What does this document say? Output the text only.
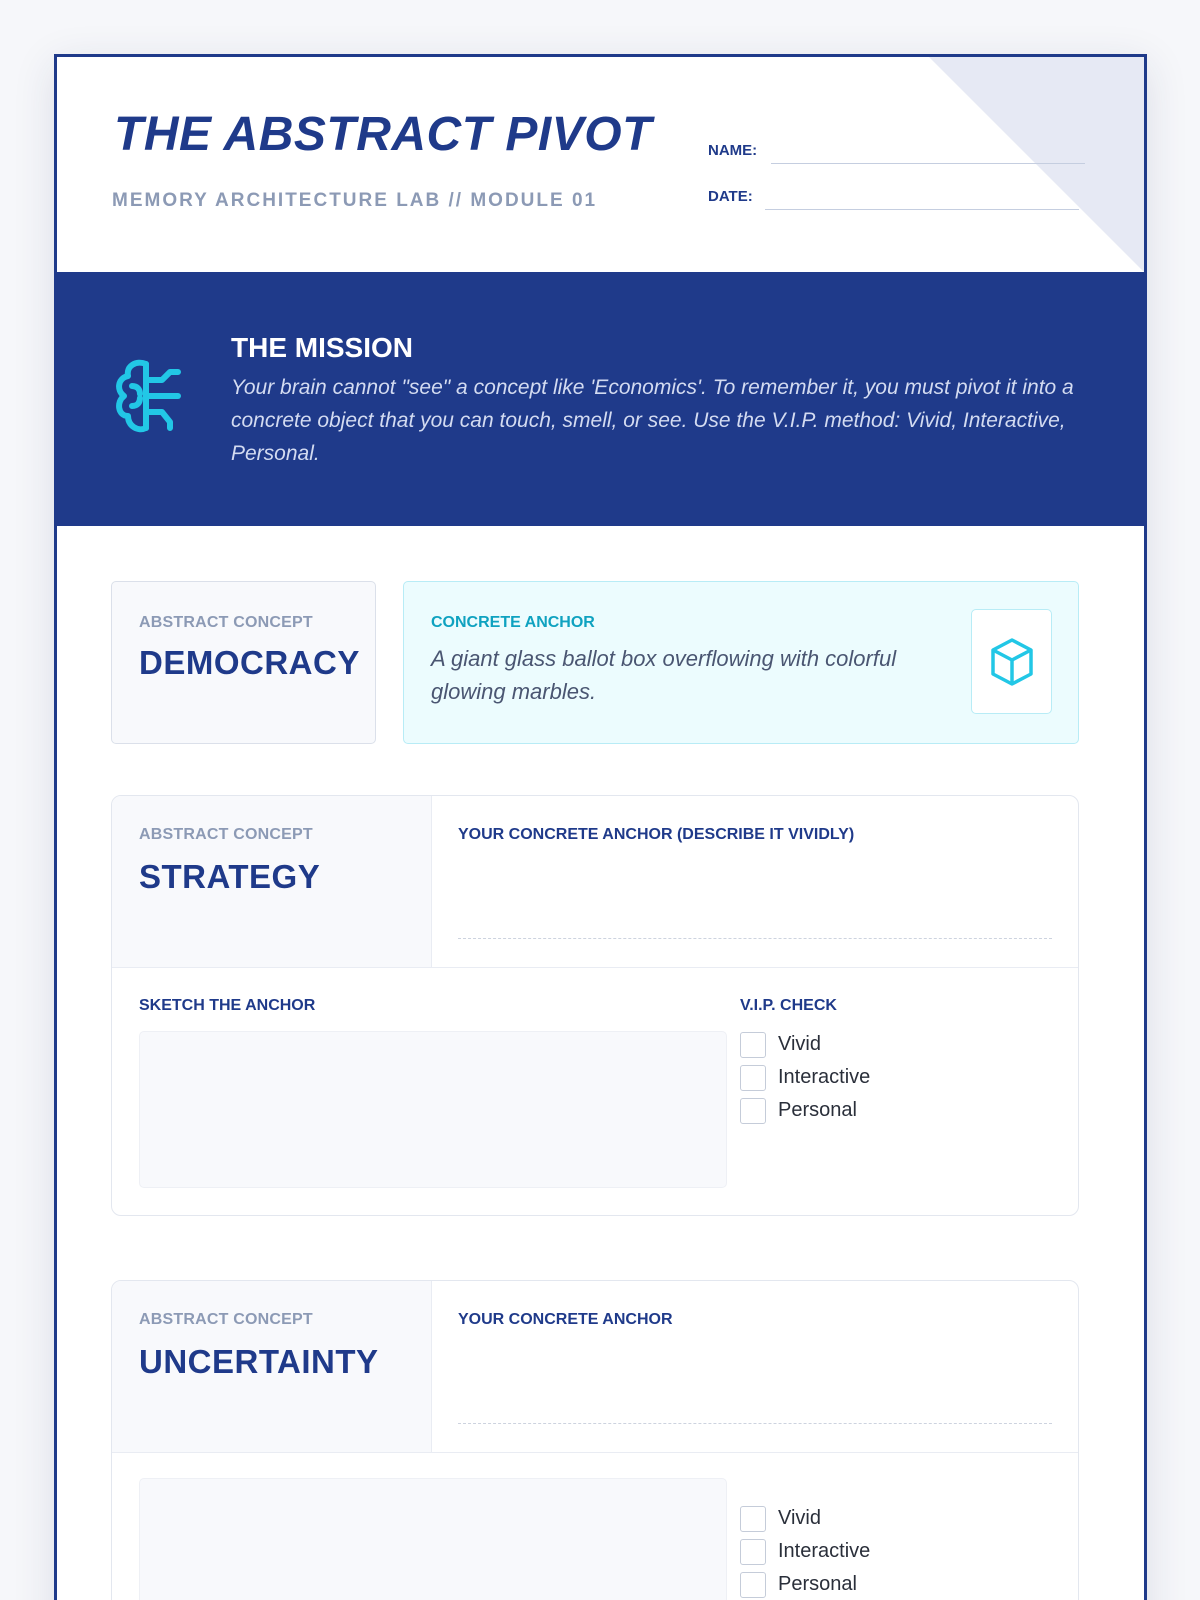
THE ABSTRACT PIVOT
MEMORY ARCHITECTURE LAB // MODULE 01
NAME:
DATE:
THE MISSION
Your brain cannot "see" a concept like 'Economics'. To remember it, you must pivot it into a concrete object that you can touch, smell, or see. Use the V.I.P. method: Vivid, Interactive, Personal.
ABSTRACT CONCEPT
DEMOCRACY
CONCRETE ANCHOR
A giant glass ballot box overflowing with colorful glowing marbles.
ABSTRACT CONCEPT
STRATEGY
YOUR CONCRETE ANCHOR (DESCRIBE IT VIVIDLY)
SKETCH THE ANCHOR	V.I.P. CHECK
Vivid
Interactive
Personal
ABSTRACT CONCEPT
UNCERTAINTY
YOUR CONCRETE ANCHOR
Vivid
Interactive
Personal
